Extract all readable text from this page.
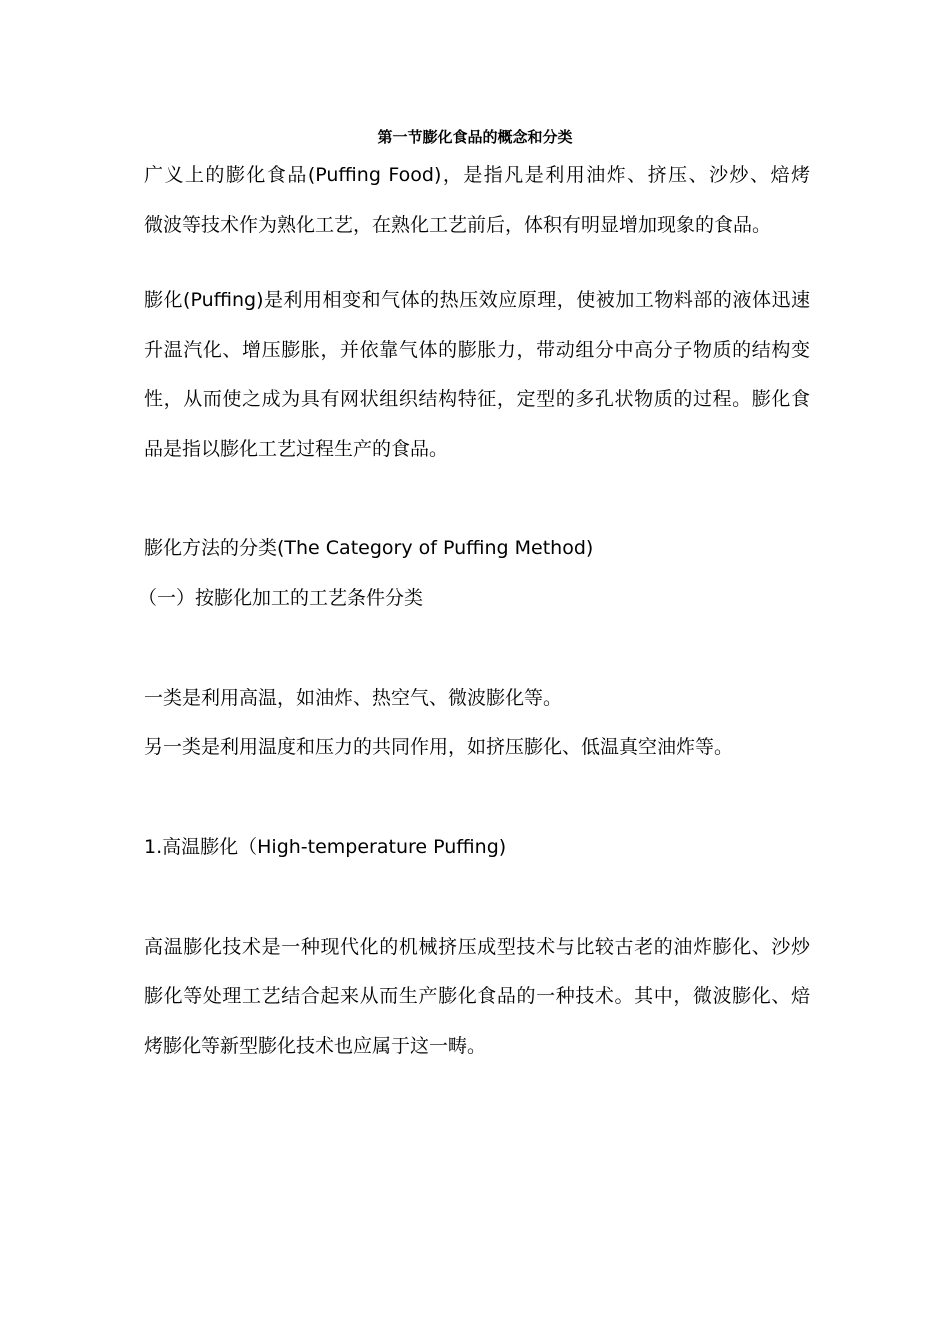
第一节膨化食品的概念和分类
广义上的膨化食品(Puffing Food)，是指凡是利用油炸、挤压、沙炒、焙烤
微波等技术作为熟化工艺，在熟化工艺前后，体积有明显增加现象的食品。
膨化(Puffing)是利用相变和气体的热压效应原理，使被加工物料部的液体迅速
升温汽化、增压膨胀，并依靠气体的膨胀力，带动组分中高分子物质的结构变
性，从而使之成为具有网状组织结构特征，定型的多孔状物质的过程。膨化食
品是指以膨化工艺过程生产的食品。
膨化方法的分类(The Category of Puffing Method)
（一）按膨化加工的工艺条件分类
一类是利用高温，如油炸、热空气、微波膨化等。
另一类是利用温度和压力的共同作用，如挤压膨化、低温真空油炸等。
1.高温膨化（High-temperature Puffing)
高温膨化技术是一种现代化的机械挤压成型技术与比较古老的油炸膨化、沙炒
膨化等处理工艺结合起来从而生产膨化食品的一种技术。其中，微波膨化、焙
烤膨化等新型膨化技术也应属于这一畴。
